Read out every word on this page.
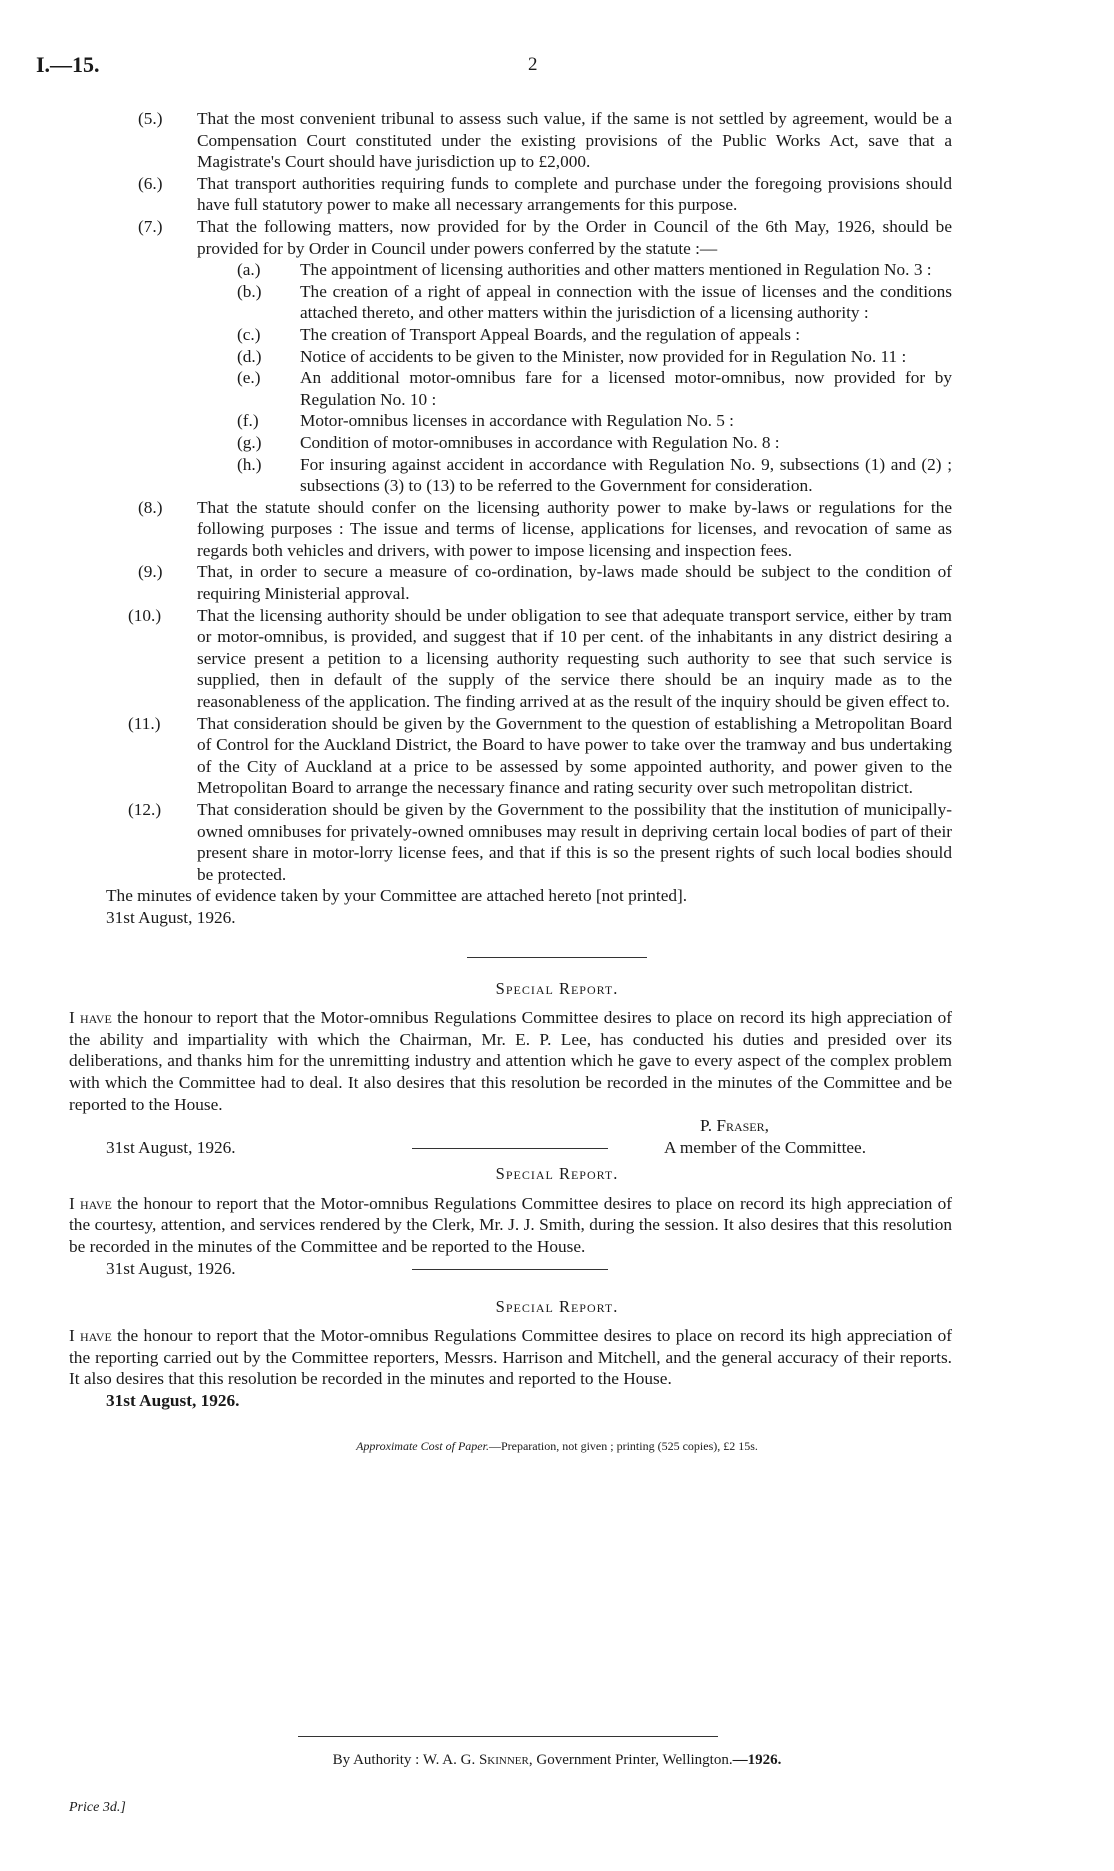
I.—15.	2
(5.) That the most convenient tribunal to assess such value, if the same is not settled by agreement, would be a Compensation Court constituted under the existing provisions of the Public Works Act, save that a Magistrate's Court should have jurisdiction up to £2,000.
(6.) That transport authorities requiring funds to complete and purchase under the foregoing provisions should have full statutory power to make all necessary arrangements for this purpose.
(7.) That the following matters, now provided for by the Order in Council of the 6th May, 1926, should be provided for by Order in Council under powers conferred by the statute :—
(a.) The appointment of licensing authorities and other matters mentioned in Regulation No. 3 :
(b.) The creation of a right of appeal in connection with the issue of licenses and the conditions attached thereto, and other matters within the jurisdiction of a licensing authority :
(c.) The creation of Transport Appeal Boards, and the regulation of appeals :
(d.) Notice of accidents to be given to the Minister, now provided for in Regulation No. 11 :
(e.) An additional motor-omnibus fare for a licensed motor-omnibus, now provided for by Regulation No. 10 :
(f.) Motor-omnibus licenses in accordance with Regulation No. 5 :
(g.) Condition of motor-omnibuses in accordance with Regulation No. 8 :
(h.) For insuring against accident in accordance with Regulation No. 9, subsections (1) and (2) ; subsections (3) to (13) to be referred to the Government for consideration.
(8.) That the statute should confer on the licensing authority power to make by-laws or regulations for the following purposes : The issue and terms of license, applications for licenses, and revocation of same as regards both vehicles and drivers, with power to impose licensing and inspection fees.
(9.) That, in order to secure a measure of co-ordination, by-laws made should be subject to the condition of requiring Ministerial approval.
(10.) That the licensing authority should be under obligation to see that adequate transport service, either by tram or motor-omnibus, is provided, and suggest that if 10 per cent. of the inhabitants in any district desiring a service present a petition to a licensing authority requesting such authority to see that such service is supplied, then in default of the supply of the service there should be an inquiry made as to the reasonableness of the application. The finding arrived at as the result of the inquiry should be given effect to.
(11.) That consideration should be given by the Government to the question of establishing a Metropolitan Board of Control for the Auckland District, the Board to have power to take over the tramway and bus undertaking of the City of Auckland at a price to be assessed by some appointed authority, and power given to the Metropolitan Board to arrange the necessary finance and rating security over such metropolitan district.
(12.) That consideration should be given by the Government to the possibility that the institution of municipally-owned omnibuses for privately-owned omnibuses may result in depriving certain local bodies of part of their present share in motor-lorry license fees, and that if this is so the present rights of such local bodies should be protected.
The minutes of evidence taken by your Committee are attached hereto [not printed].
31st August, 1926.
Special Report.
I have the honour to report that the Motor-omnibus Regulations Committee desires to place on record its high appreciation of the ability and impartiality with which the Chairman, Mr. E. P. Lee, has conducted his duties and presided over its deliberations, and thanks him for the unremitting industry and attention which he gave to every aspect of the complex problem with which the Committee had to deal. It also desires that this resolution be recorded in the minutes of the Committee and be reported to the House.
31st August, 1926.
P. Fraser,
A member of the Committee.
Special Report.
I have the honour to report that the Motor-omnibus Regulations Committee desires to place on record its high appreciation of the courtesy, attention, and services rendered by the Clerk, Mr. J. J. Smith, during the session. It also desires that this resolution be recorded in the minutes of the Committee and be reported to the House.
31st August, 1926.
Special Report.
I have the honour to report that the Motor-omnibus Regulations Committee desires to place on record its high appreciation of the reporting carried out by the Committee reporters, Messrs. Harrison and Mitchell, and the general accuracy of their reports. It also desires that this resolution be recorded in the minutes and reported to the House.
31st August, 1926.
Approximate Cost of Paper.—Preparation, not given ; printing (525 copies), £2 15s.
By Authority : W. A. G. Skinner, Government Printer, Wellington.—1926.
Price 3d.]
